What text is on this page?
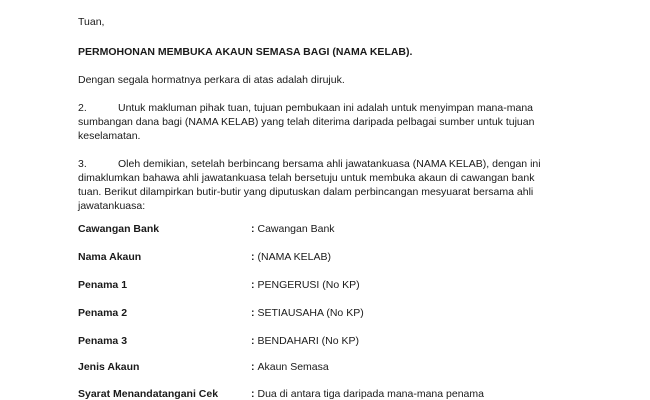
Tuan,
PERMOHONAN MEMBUKA AKAUN SEMASA BAGI (NAMA KELAB).
Dengan segala hormatnya perkara di atas adalah dirujuk.
2.	Untuk makluman pihak tuan, tujuan pembukaan ini adalah untuk menyimpan mana-mana
sumbangan dana bagi (NAMA KELAB) yang telah diterima daripada pelbagai sumber untuk tujuan
keselamatan.
3.	Oleh demikian, setelah berbincang bersama ahli jawatankuasa (NAMA KELAB), dengan ini
dimaklumkan bahawa ahli jawatankuasa telah bersetuju untuk membuka akaun di cawangan bank
tuan. Berikut dilampirkan butir-butir yang diputuskan dalam perbincangan mesyuarat bersama ahli
jawatankuasa:
Cawangan Bank	: Cawangan Bank
Nama Akaun	: (NAMA KELAB)
Penama 1	: PENGERUSI (No KP)
Penama 2	: SETIAUSAHA (No KP)
Penama 3	: BENDAHARI (No KP)
Jenis Akaun	: Akaun Semasa
Syarat Menandatangani Cek	: Dua di antara tiga daripada mana-mana penama
